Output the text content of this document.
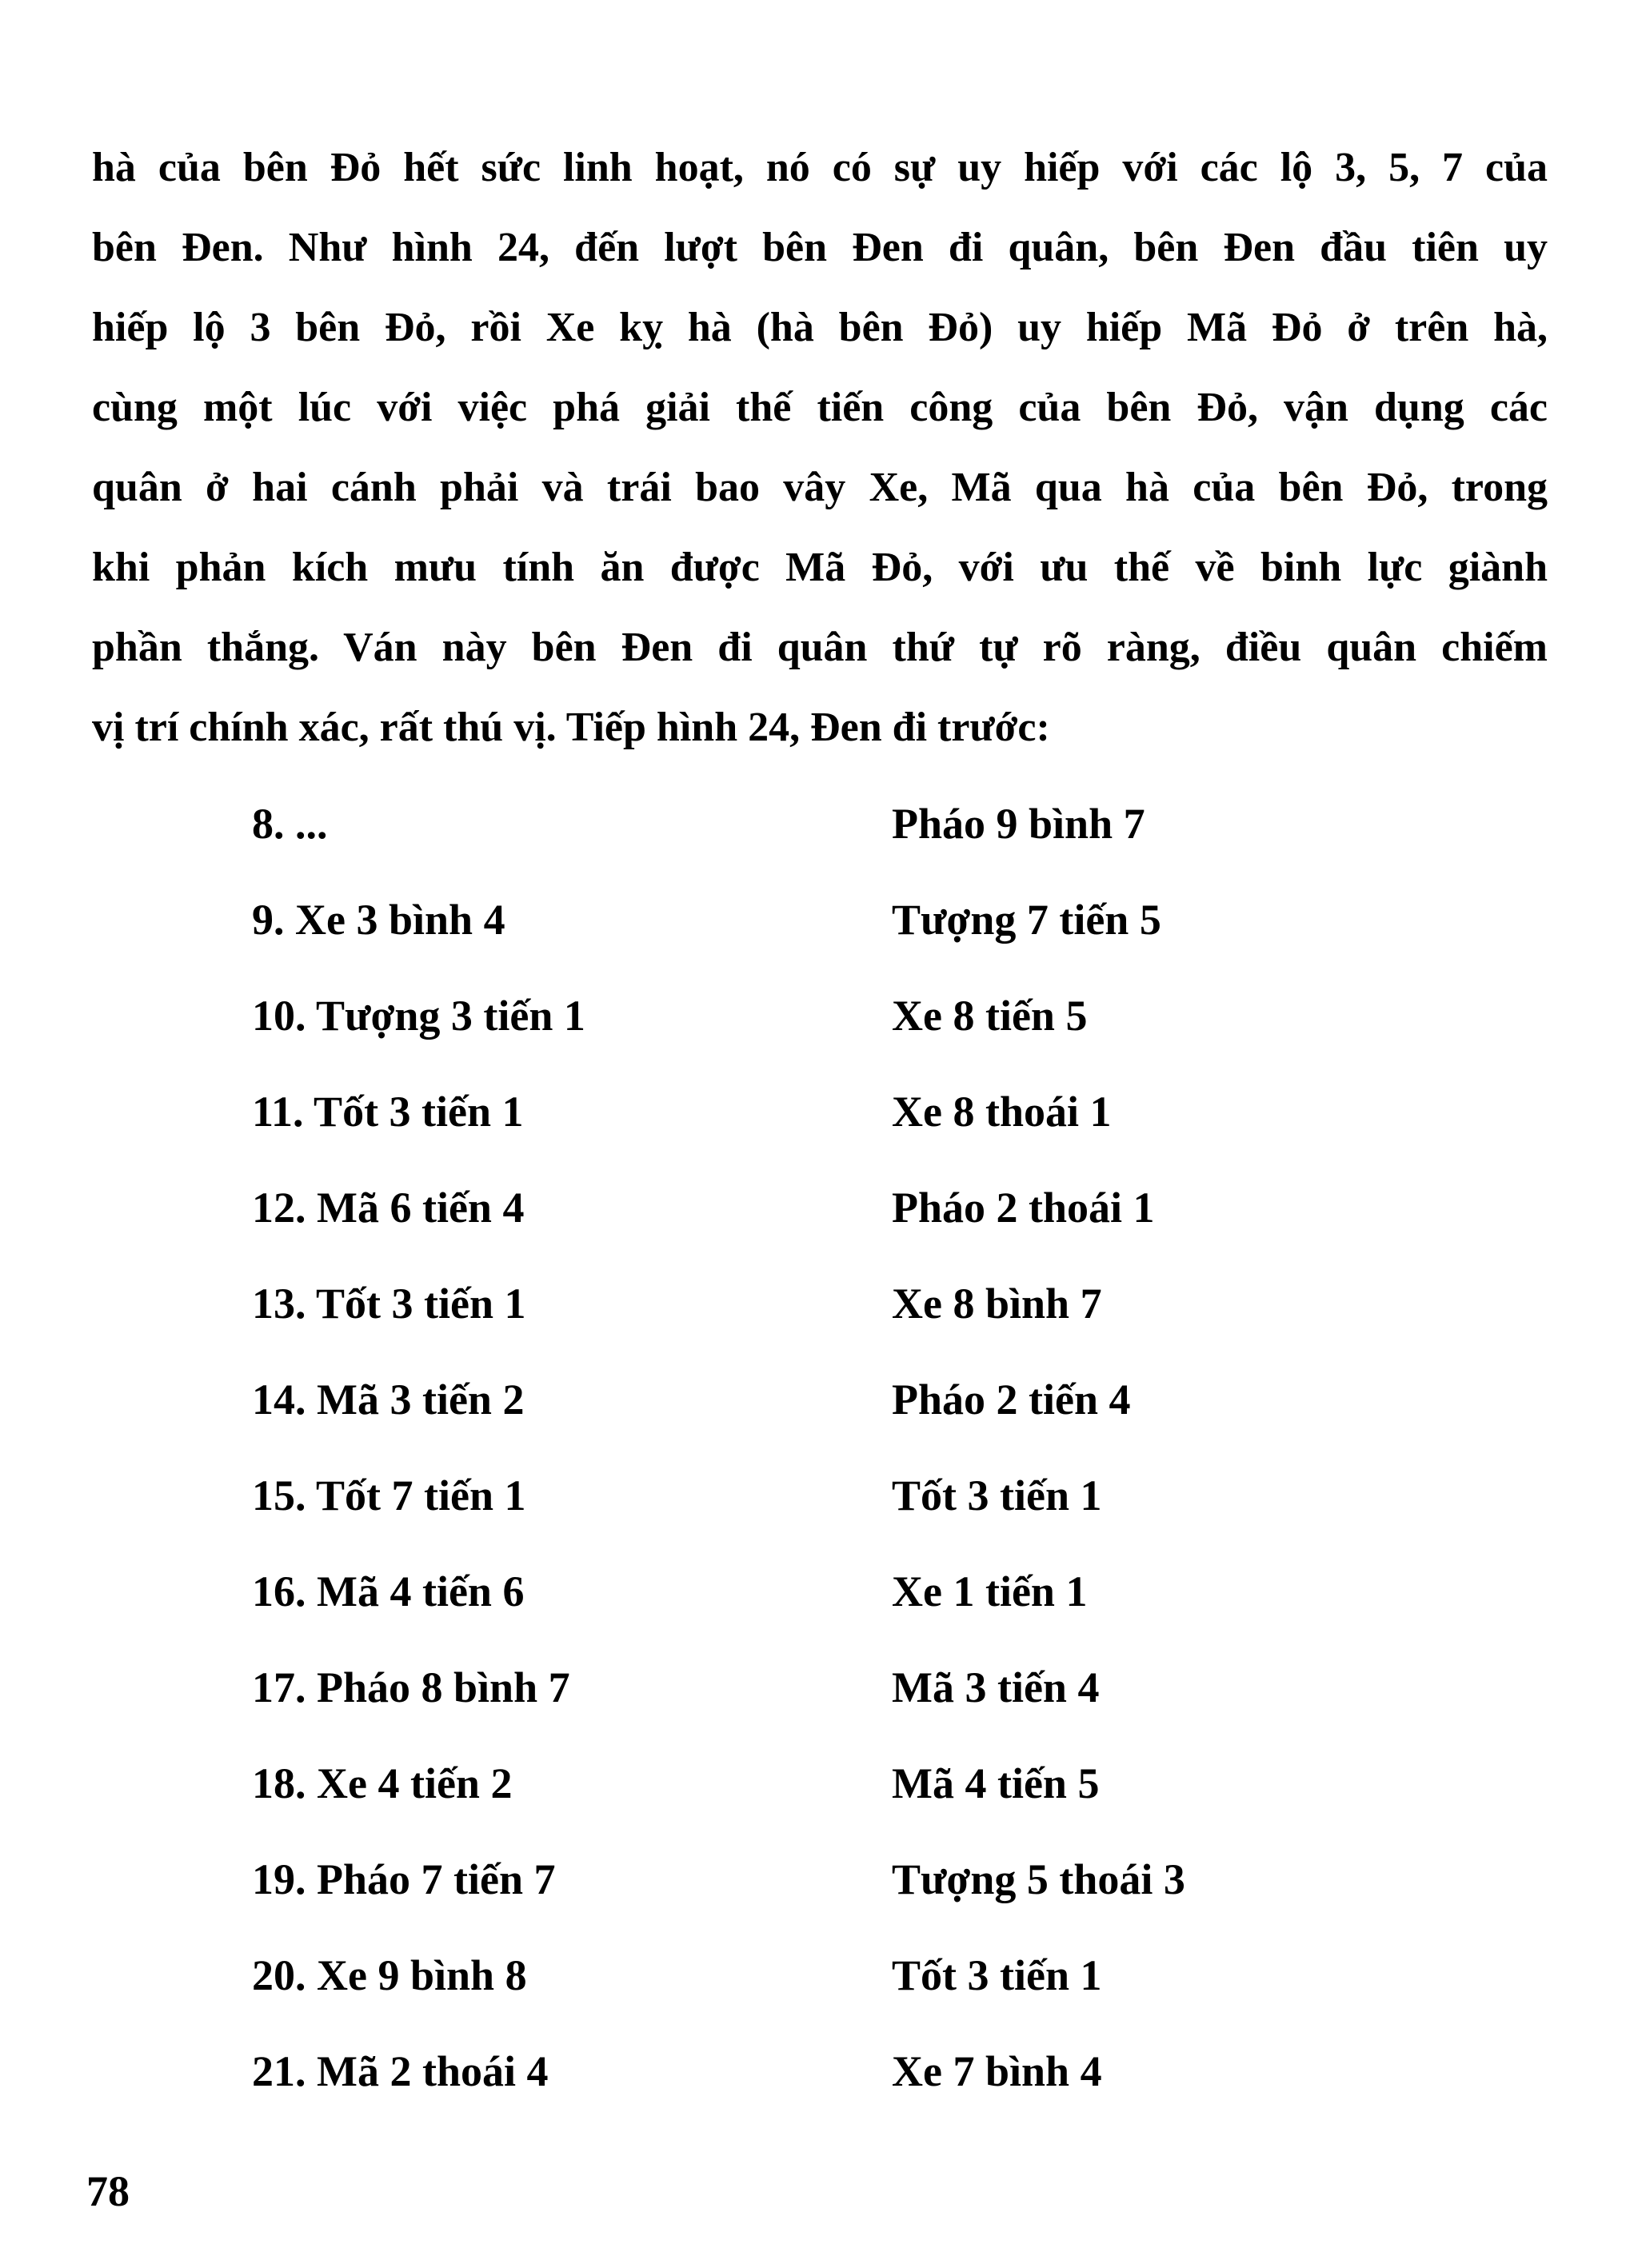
hà của bên Đỏ hết sức linh hoạt, nó có sự uy hiếp với các lộ 3, 5, 7 của
bên Đen. Như hình 24, đến lượt bên Đen đi quân, bên Đen đầu tiên uy
hiếp lộ 3 bên Đỏ, rồi Xe kỵ hà (hà bên Đỏ) uy hiếp Mã Đỏ ở trên hà,
cùng một lúc với việc phá giải thế tiến công của bên Đỏ, vận dụng các
quân ở hai cánh phải và trái bao vây Xe, Mã qua hà của bên Đỏ, trong
khi phản kích mưu tính ăn được Mã Đỏ, với ưu thế về binh lực giành
phần thắng. Ván này bên Đen đi quân thứ tự rõ ràng, điều quân chiếm
vị trí chính xác, rất thú vị. Tiếp hình 24, Đen đi trước:
8. ...	Pháo 9 bình 7
9. Xe 3 bình 4	Tượng 7 tiến 5
10. Tượng 3 tiến 1	Xe 8 tiến 5
11. Tốt 3 tiến 1	Xe 8 thoái 1
12. Mã 6 tiến 4	Pháo 2 thoái 1
13. Tốt 3 tiến 1	Xe 8 bình 7
14. Mã 3 tiến 2	Pháo 2 tiến 4
15. Tốt 7 tiến 1	Tốt 3 tiến 1
16. Mã 4 tiến 6	Xe 1 tiến 1
17. Pháo 8 bình 7	Mã 3 tiến 4
18. Xe 4 tiến 2	Mã 4 tiến 5
19. Pháo 7 tiến 7	Tượng 5 thoái 3
20. Xe 9 bình 8	Tốt 3 tiến 1
21. Mã 2 thoái 4	Xe 7 bình 4
78
